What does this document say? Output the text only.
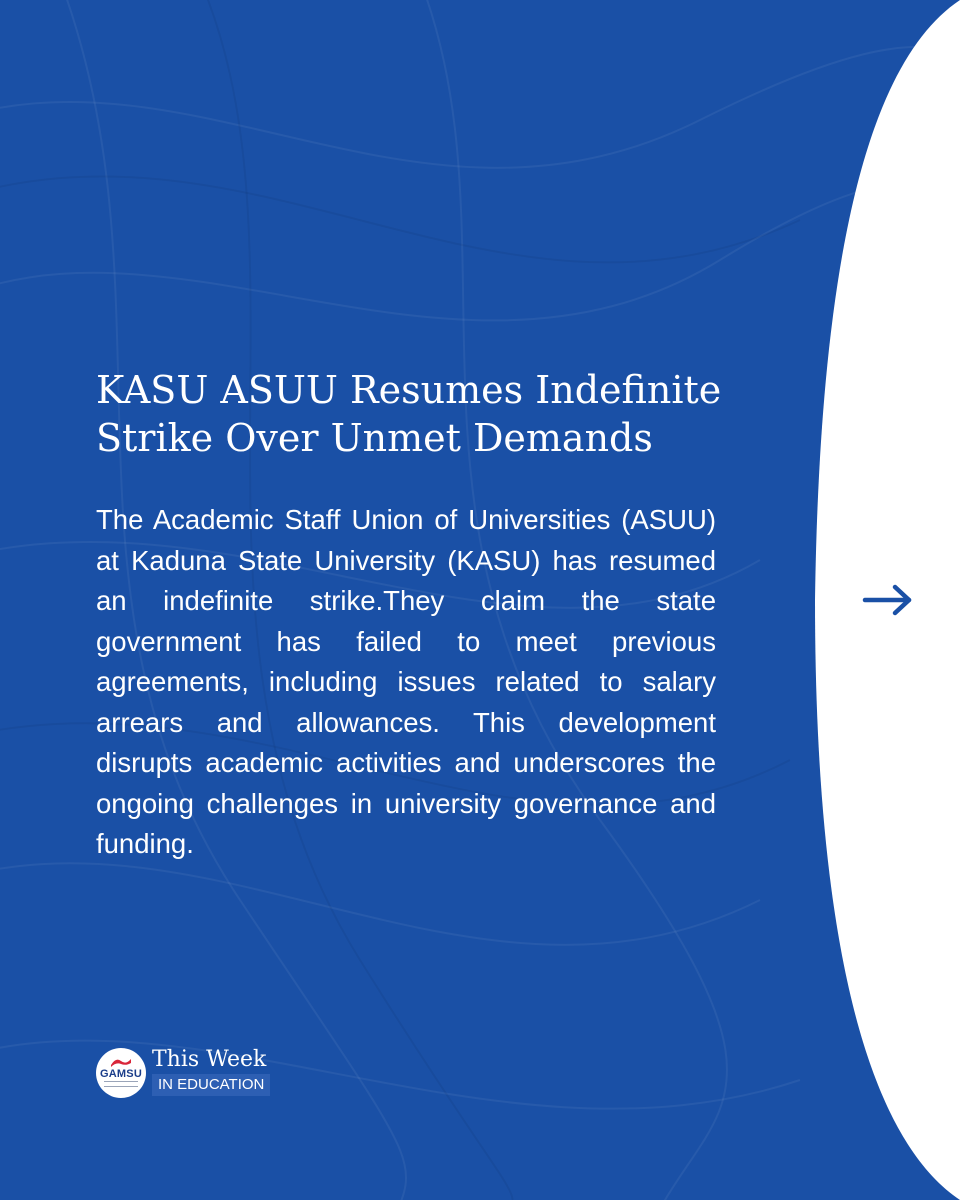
KASU ASUU Resumes Indefinite Strike Over Unmet Demands

The Academic Staff Union of Universities (ASUU) at Kaduna State University (KASU) has resumed an indefinite strike.They claim the state government has failed to meet previous agreements, including issues related to salary arrears and allowances. This development disrupts academic activities and underscores the ongoing challenges in university governance and funding.

GAMSU
This Week
IN EDUCATION
